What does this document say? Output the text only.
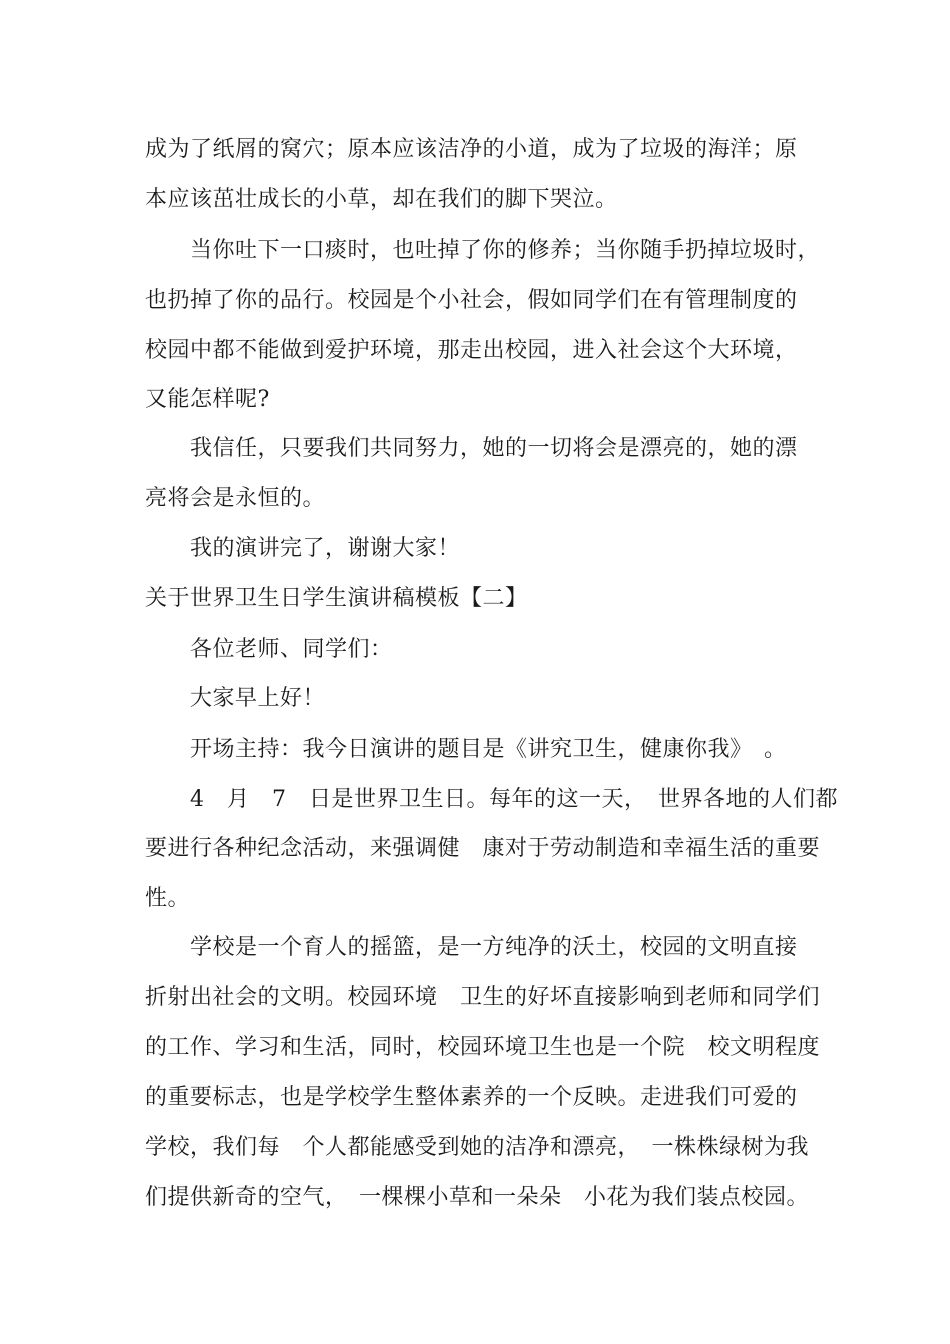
成为了纸屑的窝穴；原本应该洁净的小道，成为了垃圾的海洋；原
本应该茁壮成长的小草，却在我们的脚下哭泣。
当你吐下一口痰时，也吐掉了你的修养；当你随手扔掉垃圾时，
也扔掉了你的品行。校园是个小社会，假如同学们在有管理制度的
校园中都不能做到爱护环境，那走出校园，进入社会这个大环境，
又能怎样呢?
我信任，只要我们共同努力，她的一切将会是漂亮的，她的漂
亮将会是永恒的。
我的演讲完了，谢谢大家！
关于世界卫生日学生演讲稿模板【二】
各位老师、同学们：
大家早上好！
开场主持：我今日演讲的题目是《讲究卫生，健康你我》　。
4　月　7　日是世界卫生日。每年的这一天，　世界各地的人们都
要进行各种纪念活动，来强调健　康对于劳动制造和幸福生活的重要
性。
学校是一个育人的摇篮，是一方纯净的沃土，校园的文明直接
折射出社会的文明。校园环境　卫生的好坏直接影响到老师和同学们
的工作、学习和生活，同时，校园环境卫生也是一个院　校文明程度
的重要标志，也是学校学生整体素养的一个反映。走进我们可爱的
学校，我们每　个人都能感受到她的洁净和漂亮，　一株株绿树为我
们提供新奇的空气，　一棵棵小草和一朵朵　小花为我们装点校园。
